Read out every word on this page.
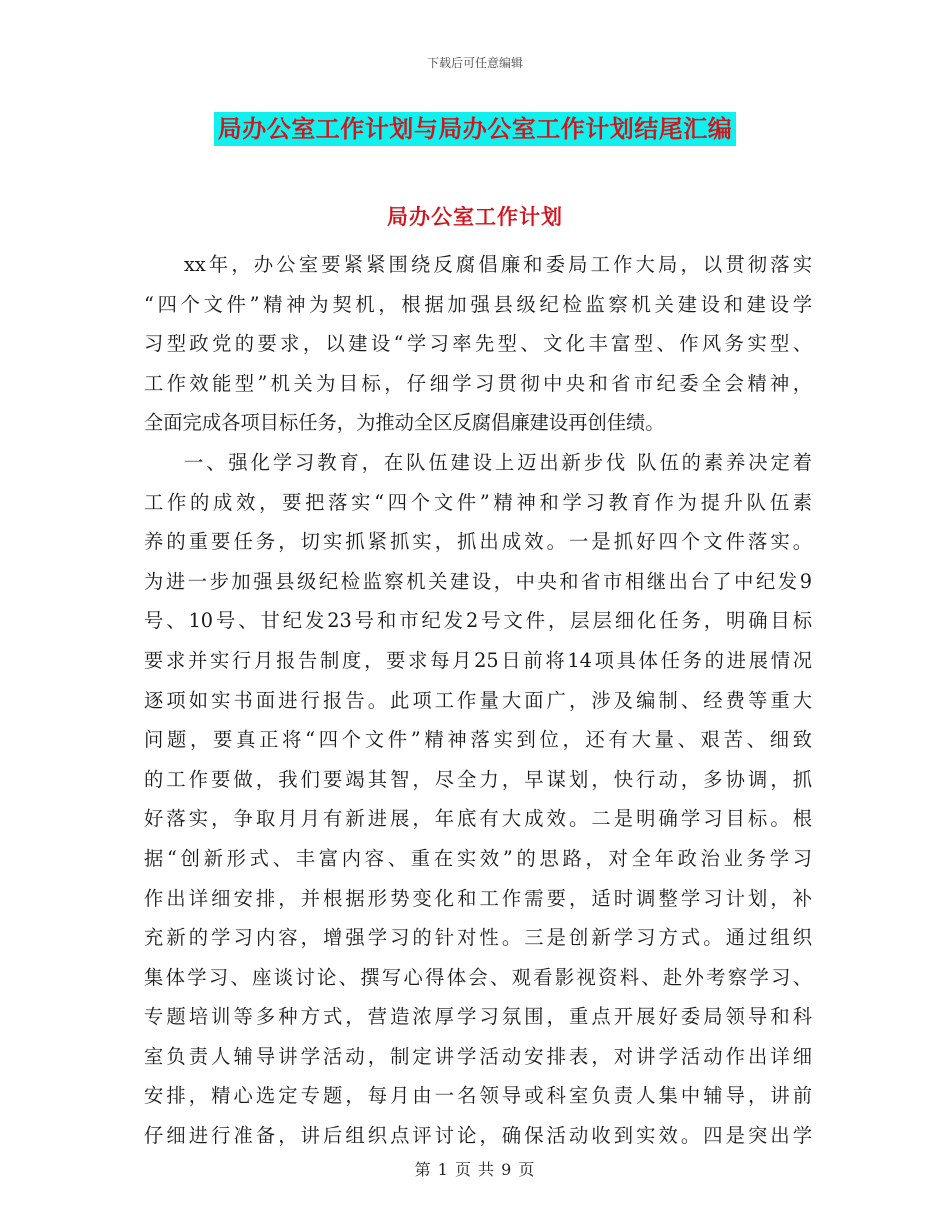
下载后可任意编辑
局办公室工作计划与局办公室工作计划结尾汇编
局办公室工作计划
xx年，办公室要紧紧围绕反腐倡廉和委局工作大局，以贯彻落实
“四个文件”精神为契机，根据加强县级纪检监察机关建设和建设学
习型政党的要求，以建设“学习率先型、文化丰富型、作风务实型、
工作效能型”机关为目标，仔细学习贯彻中央和省市纪委全会精神，
全面完成各项目标任务，为推动全区反腐倡廉建设再创佳绩。
一、强化学习教育，在队伍建设上迈出新步伐 队伍的素养决定着
工作的成效，要把落实“四个文件”精神和学习教育作为提升队伍素
养的重要任务，切实抓紧抓实，抓出成效。一是抓好四个文件落实。
为进一步加强县级纪检监察机关建设，中央和省市相继出台了中纪发9
号、10号、甘纪发23号和市纪发2号文件，层层细化任务，明确目标
要求并实行月报告制度，要求每月25日前将14项具体任务的进展情况
逐项如实书面进行报告。此项工作量大面广，涉及编制、经费等重大
问题，要真正将“四个文件”精神落实到位，还有大量、艰苦、细致
的工作要做，我们要竭其智，尽全力，早谋划，快行动，多协调，抓
好落实，争取月月有新进展，年底有大成效。二是明确学习目标。根
据“创新形式、丰富内容、重在实效”的思路，对全年政治业务学习
作出详细安排，并根据形势变化和工作需要，适时调整学习计划，补
充新的学习内容，增强学习的针对性。三是创新学习方式。通过组织
集体学习、座谈讨论、撰写心得体会、观看影视资料、赴外考察学习、
专题培训等多种方式，营造浓厚学习氛围，重点开展好委局领导和科
室负责人辅导讲学活动，制定讲学活动安排表，对讲学活动作出详细
安排，精心选定专题，每月由一名领导或科室负责人集中辅导，讲前
仔细进行准备，讲后组织点评讨论，确保活动收到实效。四是突出学
第 1 页 共 9 页
